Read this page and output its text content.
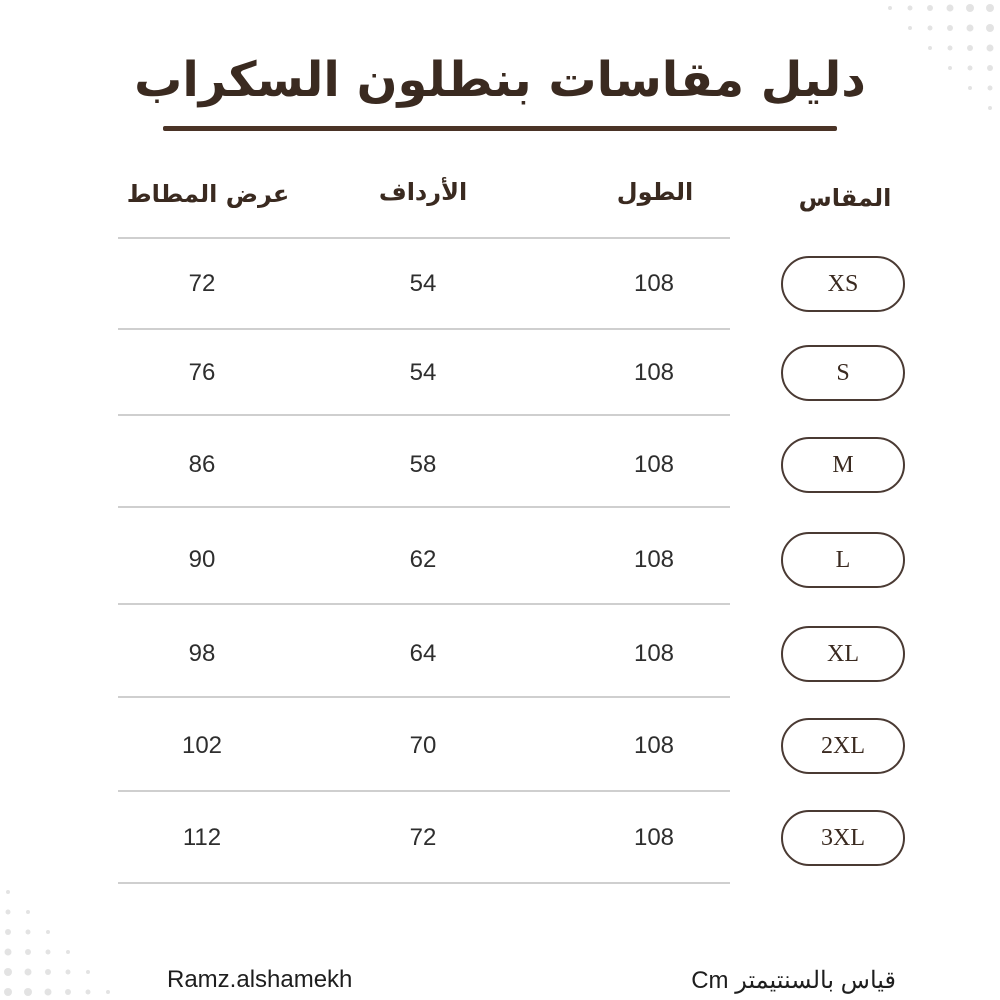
دليل مقاسات بنطلون السكراب
المقاس
الطول
الأرداف
عرض المطاط
XS
108
54
72
S
108
54
76
M
108
58
86
L
108
62
90
XL
108
64
98
2XL
108
70
102
3XL
108
72
112
قياس بالسنتيمتر Cm
Ramz.alshamekh
